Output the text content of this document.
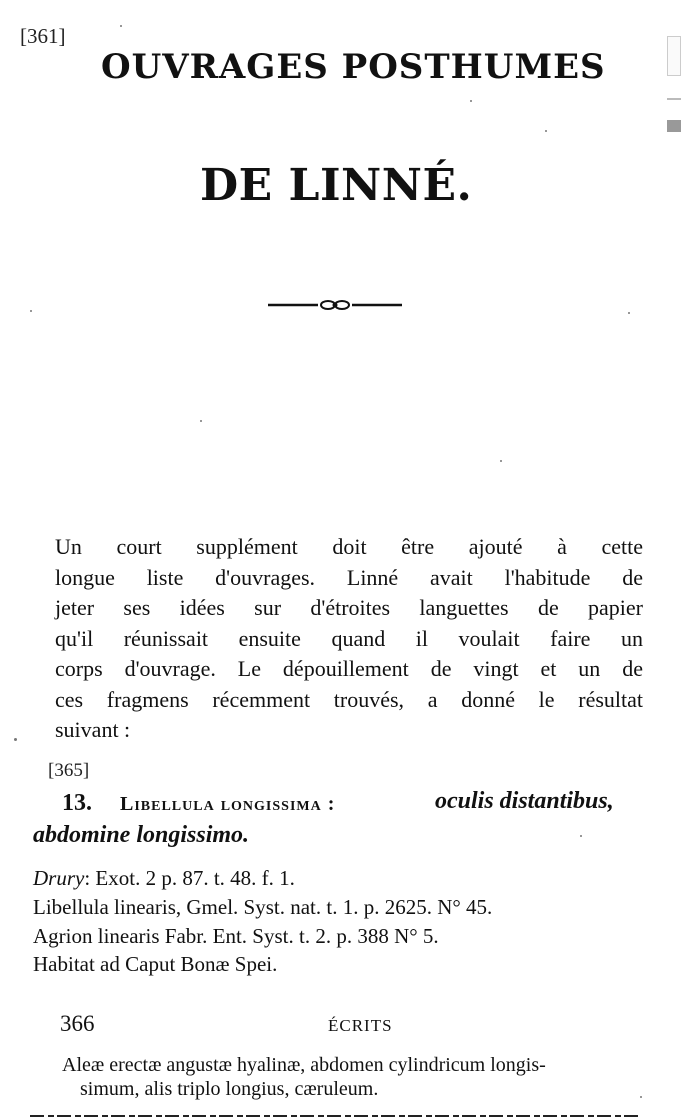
[361]
OUVRAGES POSTHUMES
DE LINNÉ.
Un court supplément doit être ajouté à cette
longue liste d'ouvrages. Linné avait l'habitude de
jeter ses idées sur d'étroites languettes de papier
qu'il réunissait ensuite quand il voulait faire un
corps d'ouvrage. Le dépouillement de vingt et un de
ces fragmens récemment trouvés, a donné le résultat
suivant :
[365]
13. Libellula longissima :	oculis distantibus,
abdomine longissimo.
Drury: Exot. 2 p. 87. t. 48. f. 1.
Libellula linearis, Gmel. Syst. nat. t. 1. p. 2625. N° 45.
Agrion linearis Fabr. Ent. Syst. t. 2. p. 388 N° 5.
Habitat ad Caput Bonæ Spei.
366	ÉCRITS
Aleæ erectæ angustæ hyalinæ, abdomen cylindricum longis-
simum, alis triplo longius, cæruleum.
